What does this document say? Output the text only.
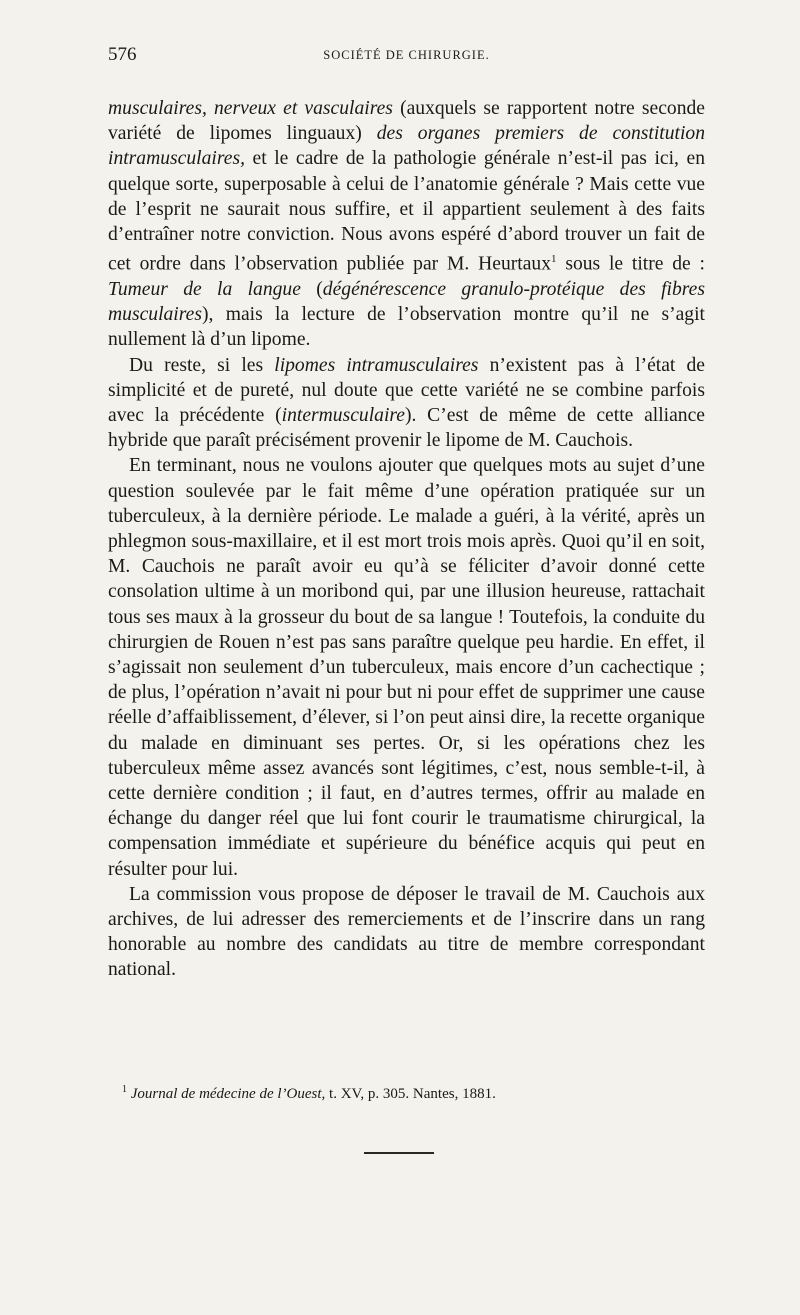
576	SOCIÉTÉ DE CHIRURGIE.

musculaires, nerveux et vasculaires (auxquels se rapportent notre seconde variété de lipomes linguaux) des organes premiers de constitution intramusculaires, et le cadre de la pathologie générale n’est-il pas ici, en quelque sorte, superposable à celui de l’anatomie générale ? Mais cette vue de l’esprit ne saurait nous suffire, et il appartient seulement à des faits d’entraîner notre conviction. Nous avons espéré d’abord trouver un fait de cet ordre dans l’observation publiée par M. Heurtaux$^1$ sous le titre de : Tumeur de la langue (dégénérescence granulo-protéique des fibres musculaires), mais la lecture de l’observation montre qu’il ne s’agit nullement là d’un lipome.

Du reste, si les lipomes intramusculaires n’existent pas à l’état de simplicité et de pureté, nul doute que cette variété ne se combine parfois avec la précédente (intermusculaire). C’est de même de cette alliance hybride que paraît précisément provenir le lipome de M. Cauchois.

En terminant, nous ne voulons ajouter que quelques mots au sujet d’une question soulevée par le fait même d’une opération pratiquée sur un tuberculeux, à la dernière période. Le malade a guéri, à la vérité, après un phlegmon sous-maxillaire, et il est mort trois mois après. Quoi qu’il en soit, M. Cauchois ne paraît avoir eu qu’à se féliciter d’avoir donné cette consolation ultime à un moribond qui, par une illusion heureuse, rattachait tous ses maux à la grosseur du bout de sa langue ! Toutefois, la conduite du chirurgien de Rouen n’est pas sans paraître quelque peu hardie. En effet, il s’agissait non seulement d’un tuberculeux, mais encore d’un cachectique ; de plus, l’opération n’avait ni pour but ni pour effet de supprimer une cause réelle d’affaiblissement, d’élever, si l’on peut ainsi dire, la recette organique du malade en diminuant ses pertes. Or, si les opérations chez les tuberculeux même assez avancés sont légitimes, c’est, nous semble-t-il, à cette dernière condition ; il faut, en d’autres termes, offrir au malade en échange du danger réel que lui font courir le traumatisme chirurgical, la compensation immédiate et supérieure du bénéfice acquis qui peut en résulter pour lui.

La commission vous propose de déposer le travail de M. Cauchois aux archives, de lui adresser des remerciements et de l’inscrire dans un rang honorable au nombre des candidats au titre de membre correspondant national.

$^1$ Journal de médecine de l’Ouest, t. XV, p. 305. Nantes, 1881.
